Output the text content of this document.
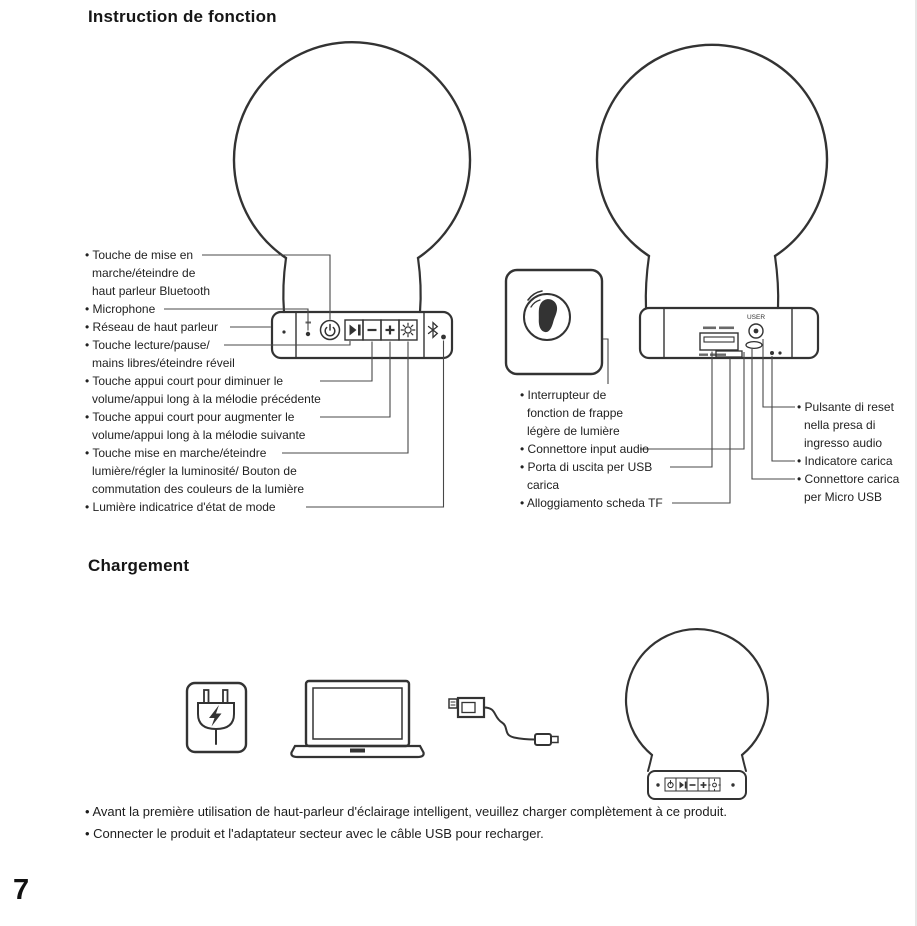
USER
Instruction de fonction
• Touche de mise en
marche/éteindre de
haut parleur Bluetooth
• Microphone
• Réseau de haut parleur
• Touche lecture/pause/
mains libres/éteindre réveil
• Touche appui court pour diminuer le
volume/appui long à la mélodie précédente
• Touche appui court pour augmenter le
volume/appui long à la mélodie suivante
• Touche mise en marche/éteindre
lumière/régler la luminosité/ Bouton de
commutation des couleurs de la lumière
• Lumière indicatrice d'état de mode
• Interrupteur de
fonction de frappe
légère de lumière
• Connettore input audio
• Porta di uscita per USB
carica
• Alloggiamento scheda TF
• Pulsante di reset
nella presa di
ingresso audio
• Indicatore carica
• Connettore carica
per Micro USB
Chargement
• Avant la première utilisation de haut-parleur d'éclairage intelligent, veuillez charger complètement à ce produit.
• Connecter le produit et l'adaptateur secteur avec le câble USB pour recharger.
7
